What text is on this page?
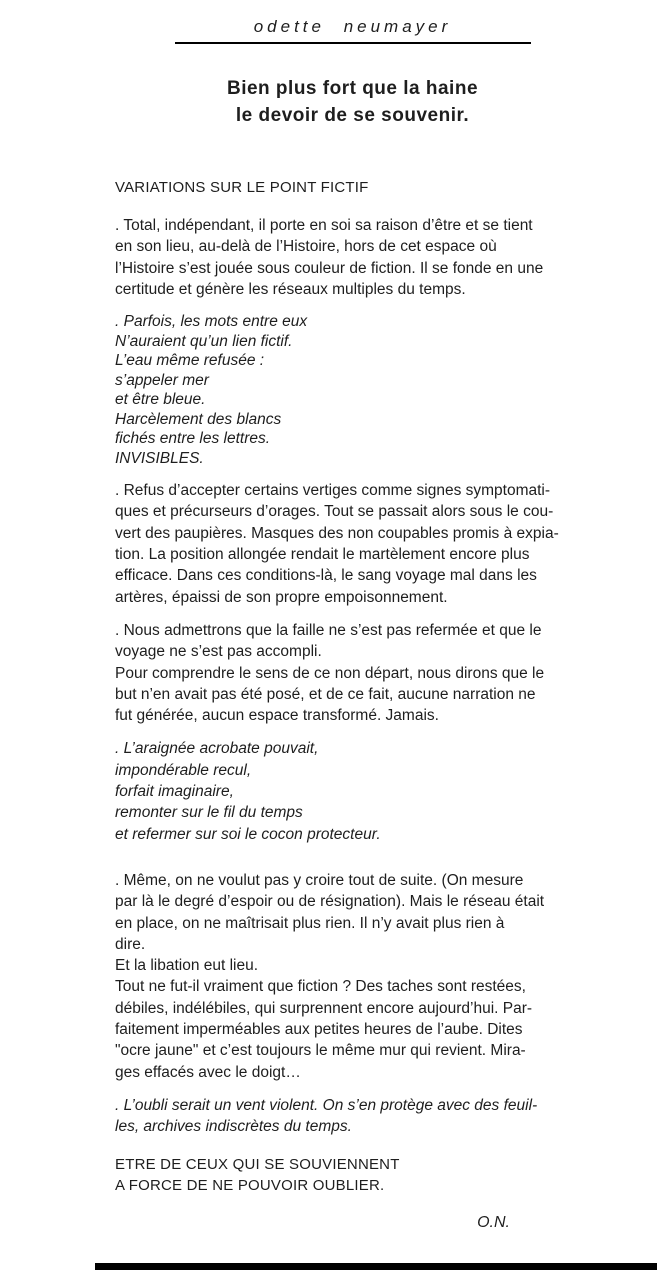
odette neumayer
Bien plus fort que la haine
le devoir de se souvenir.
VARIATIONS SUR LE POINT FICTIF
. Total, indépendant, il porte en soi sa raison d’être et se tient
en son lieu, au-delà de l’Histoire, hors de cet espace où
l’Histoire s’est jouée sous couleur de fiction. Il se fonde en une
certitude et génère les réseaux multiples du temps.
. Parfois, les mots entre eux
N’auraient qu’un lien fictif.
L’eau même refusée :
s’appeler mer
et être bleue.
Harcèlement des blancs
fichés entre les lettres.
INVISIBLES.
. Refus d’accepter certains vertiges comme signes symptomati-
ques et précurseurs d’orages. Tout se passait alors sous le cou-
vert des paupières. Masques des non coupables promis à expia-
tion. La position allongée rendait le martèlement encore plus
efficace. Dans ces conditions-là, le sang voyage mal dans les
artères, épaissi de son propre empoisonnement.
. Nous admettrons que la faille ne s’est pas refermée et que le
voyage ne s’est pas accompli.
Pour comprendre le sens de ce non départ, nous dirons que le
but n’en avait pas été posé, et de ce fait, aucune narration ne
fut générée, aucun espace transformé. Jamais.
. L’araignée acrobate pouvait,
impondérable recul,
forfait imaginaire,
remonter sur le fil du temps
et refermer sur soi le cocon protecteur.
. Même, on ne voulut pas y croire tout de suite. (On mesure
par là le degré d’espoir ou de résignation). Mais le réseau était
en place, on ne maîtrisait plus rien. Il n’y avait plus rien à
dire.
Et la libation eut lieu.
Tout ne fut-il vraiment que fiction ? Des taches sont restées,
débiles, indélébiles, qui surprennent encore aujourd’hui. Par-
faitement imperméables aux petites heures de l’aube. Dites
"ocre jaune" et c’est toujours le même mur qui revient. Mira-
ges effacés avec le doigt…
. L’oubli serait un vent violent. On s’en protège avec des feuil-
les, archives indiscrètes du temps.
ETRE DE CEUX QUI SE SOUVIENNENT
A FORCE DE NE POUVOIR OUBLIER.
O.N.
